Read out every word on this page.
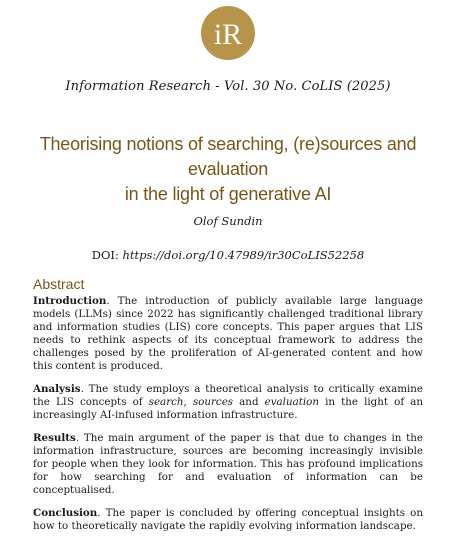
iR
Information Research - Vol. 30 No. CoLIS (2025)
Theorising notions of searching, (re)sources and evaluation
in the light of generative AI
Olof Sundin
DOI: https://doi.org/10.47989/ir30CoLIS52258
Abstract

Introduction. The introduction of publicly available large language models (LLMs) since 2022 has significantly challenged traditional library and information studies (LIS) core concepts. This paper argues that LIS needs to rethink aspects of its conceptual framework to address the challenges posed by the proliferation of AI-generated content and how this content is produced.

Analysis. The study employs a theoretical analysis to critically examine the LIS concepts of search, sources and evaluation in the light of an increasingly AI-infused information infrastructure.

Results. The main argument of the paper is that due to changes in the information infrastructure, sources are becoming increasingly invisible for people when they look for information. This has profound implications for how searching for and evaluation of information can be conceptualised.

Conclusion. The paper is concluded by offering conceptual insights on how to theoretically navigate the rapidly evolving information landscape.
